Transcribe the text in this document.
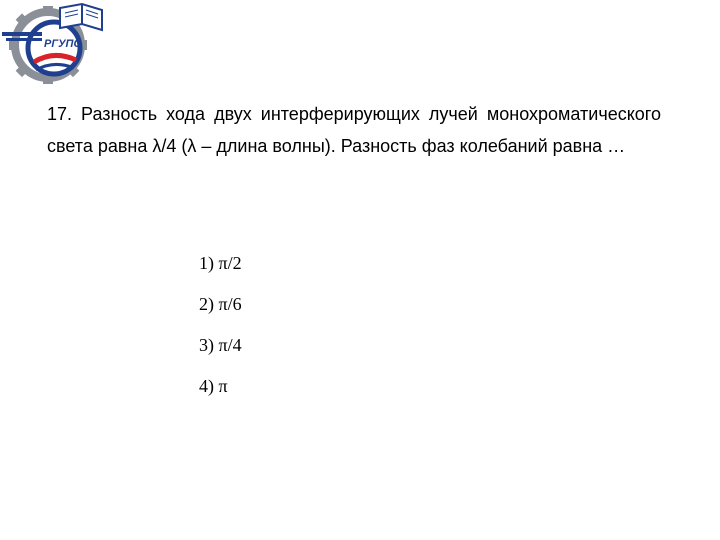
РГУПС
17. Разность хода двух интерферирующих лучей монохроматического света равна λ/4 (λ – длина волны). Разность фаз колебаний равна …
1) π/2
2) π/6
3) π/4
4) π
